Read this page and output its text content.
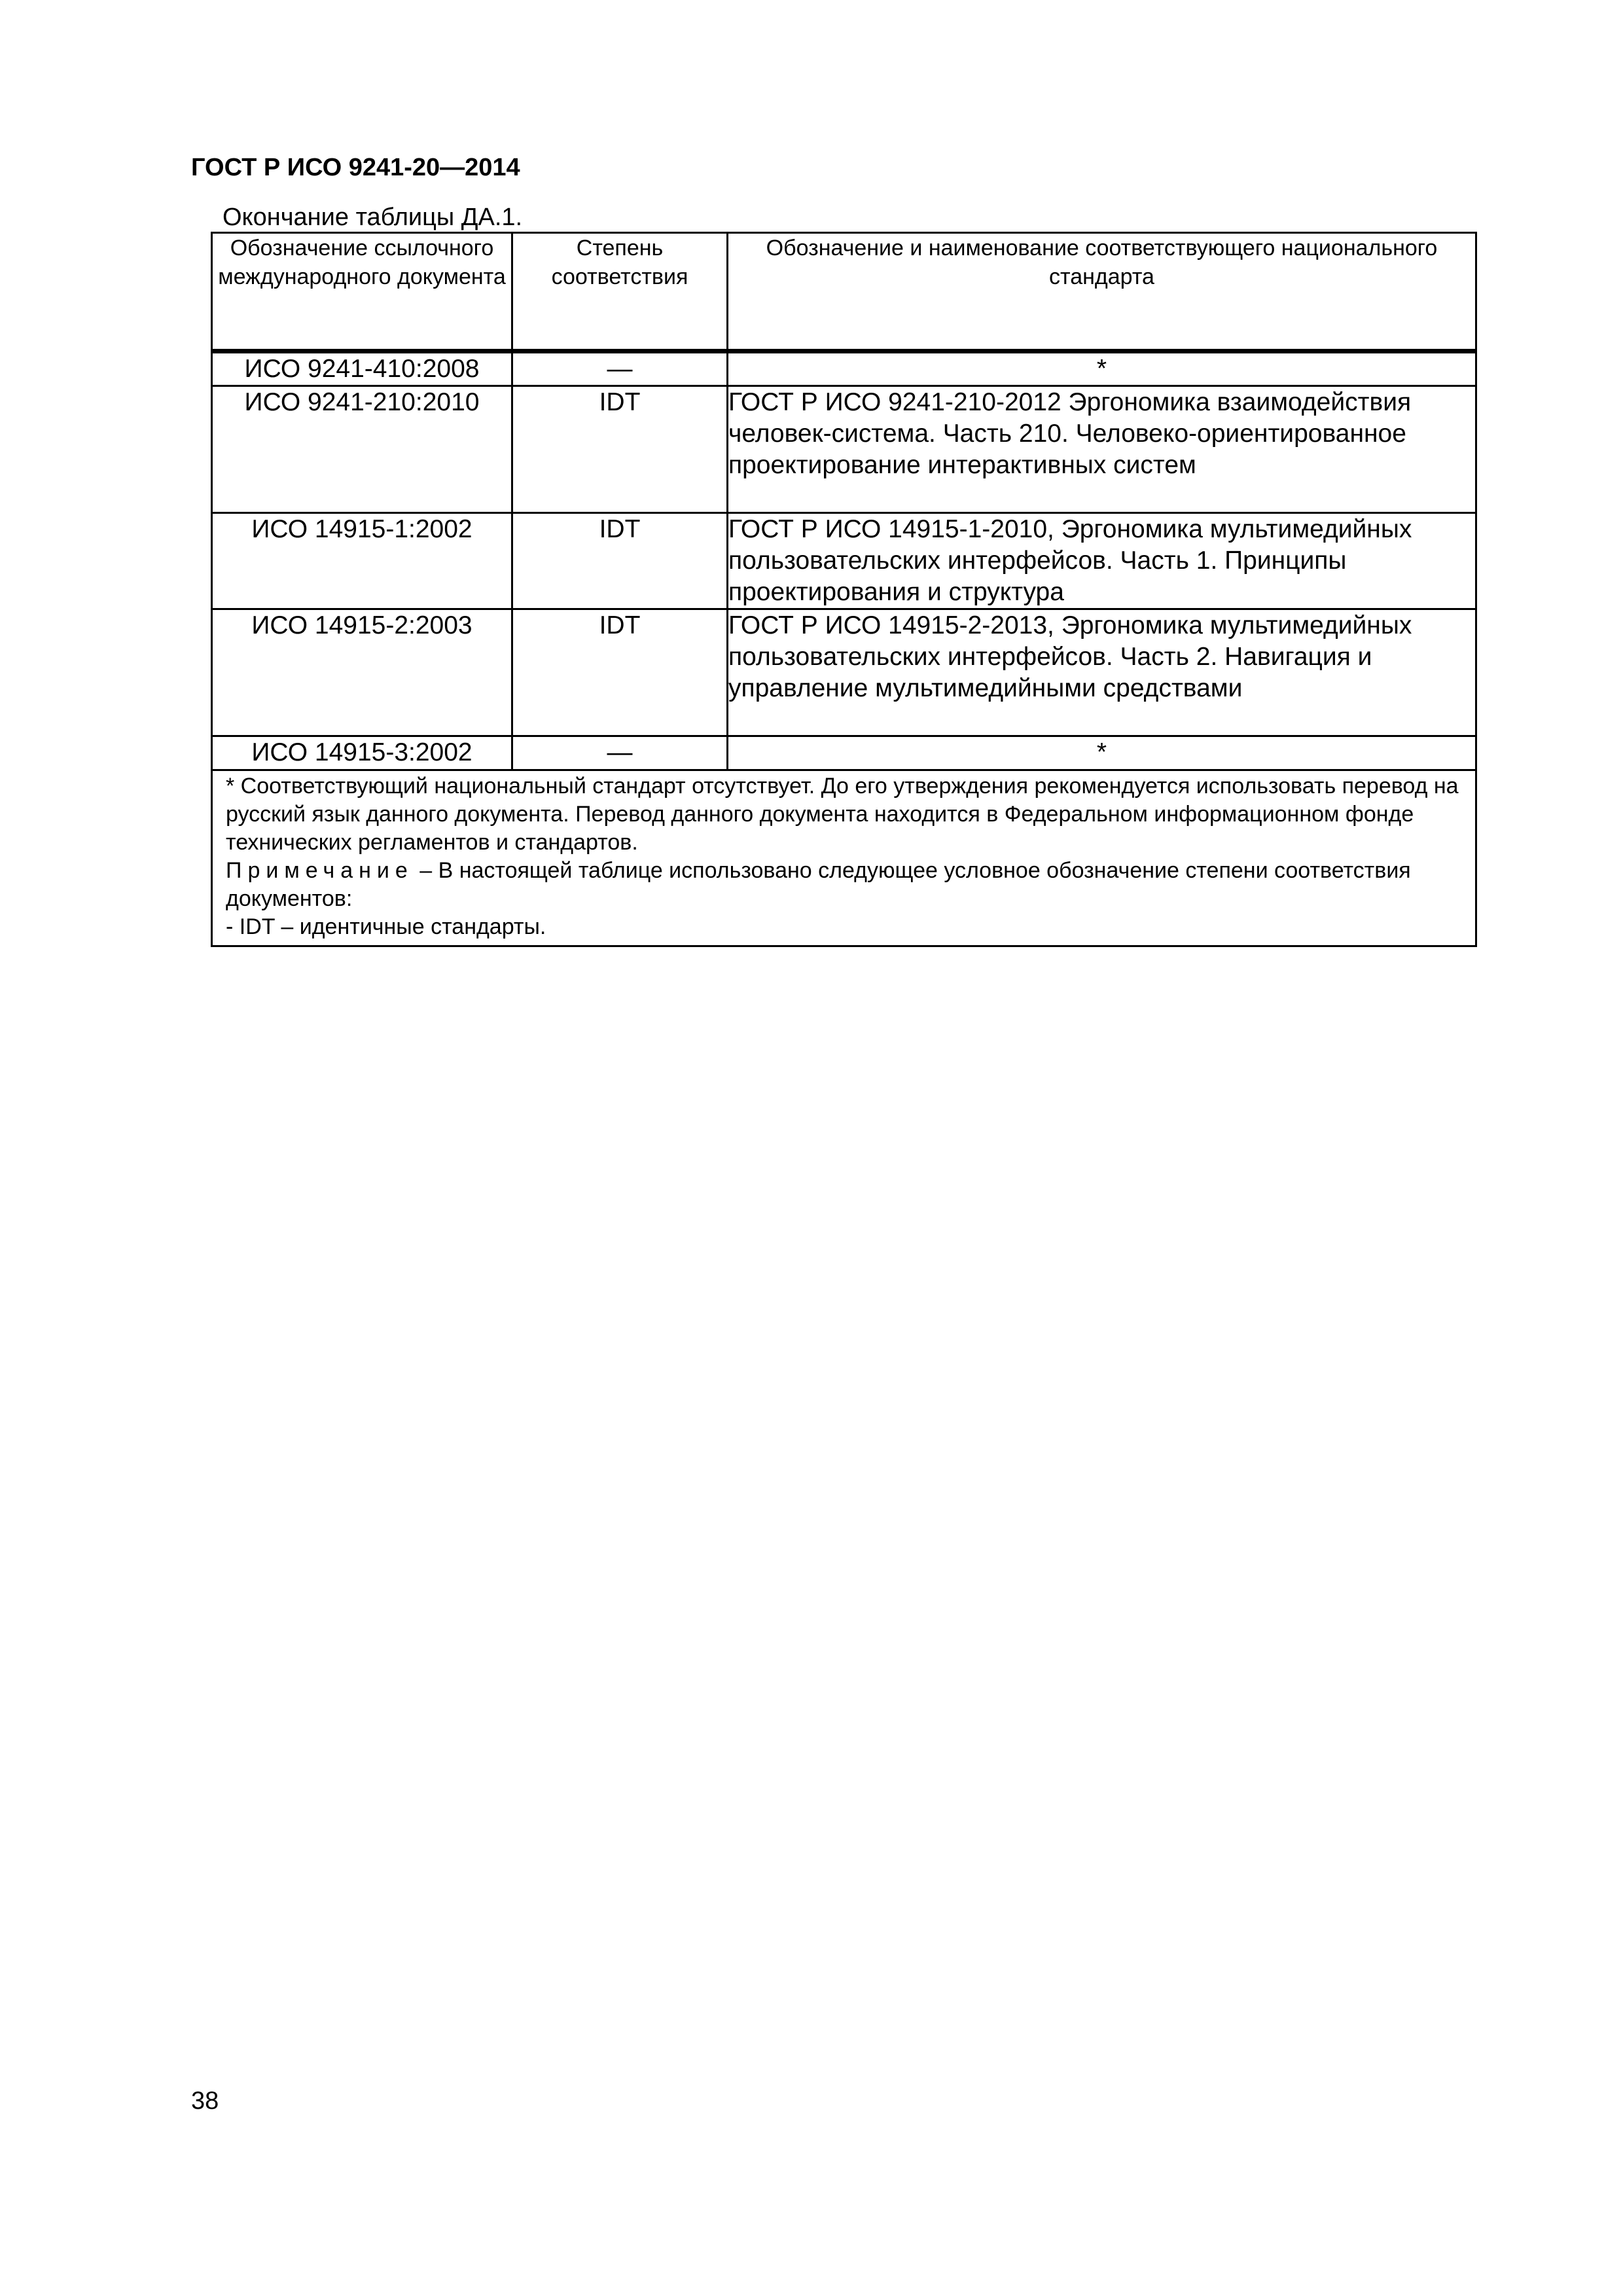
ГОСТ Р ИСО 9241-20—2014
Окончание таблицы ДА.1.
Обозначение ссылочного международного документа	Степень соответствия	Обозначение и наименование соответствующего национального стандарта
ИСО 9241-410:2008	—	*
ИСО 9241-210:2010	IDT	ГОСТ Р ИСО 9241-210-2012 Эргономика взаимодействия человек-система. Часть 210. Человеко-ориентированное проектирование интерактивных систем
ИСО 14915-1:2002	IDT	ГОСТ Р ИСО 14915-1-2010, Эргономика мультимедийных пользовательских интерфейсов. Часть 1. Принципы проектирования и структура
ИСО 14915-2:2003	IDT	ГОСТ Р ИСО 14915-2-2013, Эргономика мультимедийных пользовательских интерфейсов. Часть 2. Навигация и управление мультимедийными средствами
ИСО 14915-3:2002	—	*

* Соответствующий национальный стандарт отсутствует. До его утверждения рекомендуется использовать перевод на русский язык данного документа. Перевод данного документа находится в Федеральном информационном фонде технических регламентов и стандартов.
Примечание – В настоящей таблице использовано следующее условное обозначение степени соответствия документов:
- IDT – идентичные стандарты.		
38
